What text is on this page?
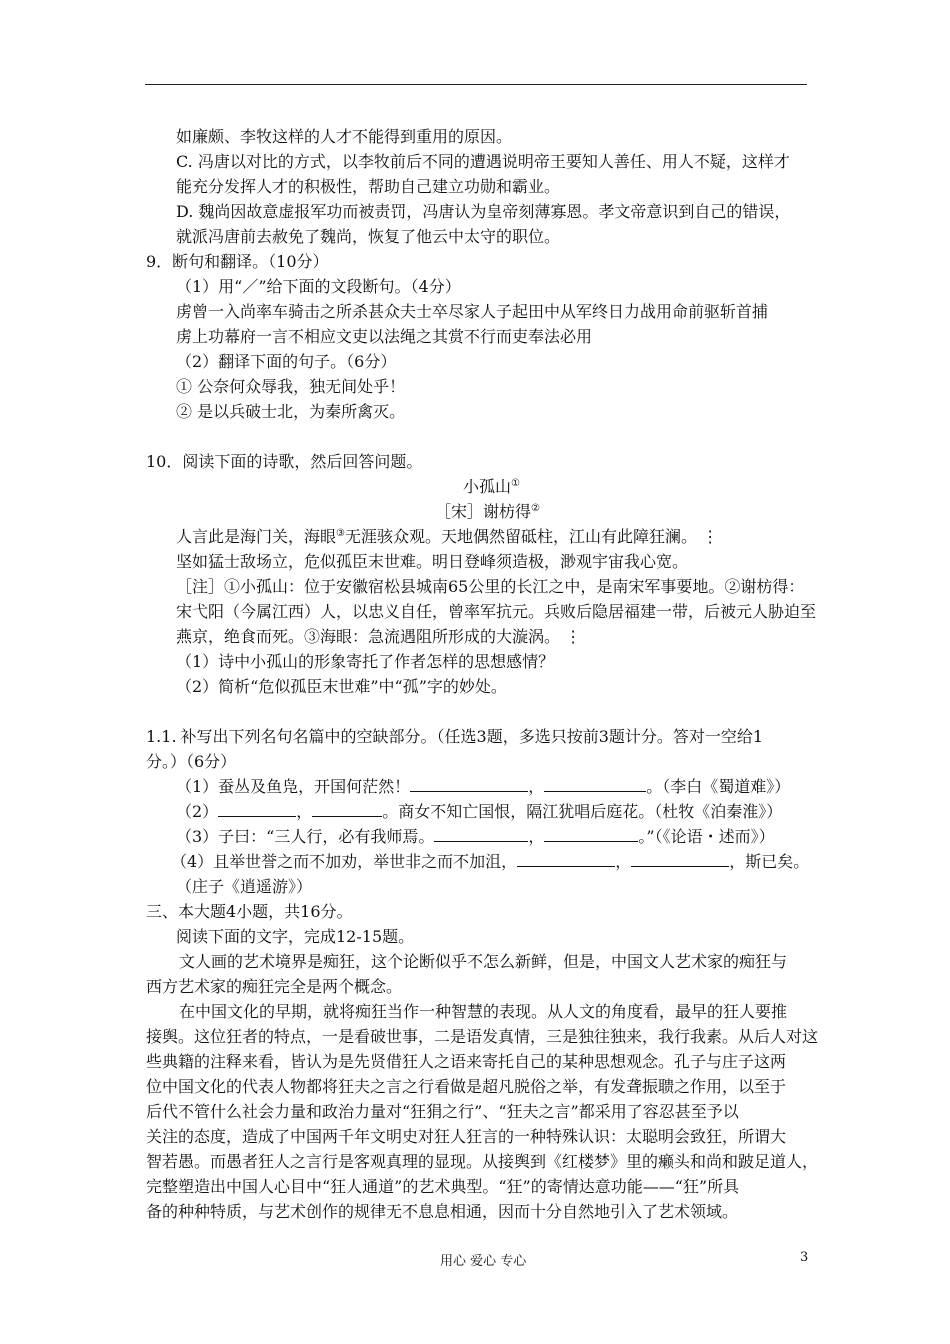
如廉颇、李牧这样的人才不能得到重用的原因。
C. 冯唐以对比的方式，以李牧前后不同的遭遇说明帝王要知人善任、用人不疑，这样才
能充分发挥人才的积极性，帮助自己建立功勋和霸业。
D. 魏尚因故意虚报军功而被责罚，冯唐认为皇帝刻薄寡恩。孝文帝意识到自己的错误，
就派冯唐前去赦免了魏尚，恢复了他云中太守的职位。
9．断句和翻译。（10分）
（1）用“／”给下面的文段断句。（4分）
虏曾一入尚率车骑击之所杀甚众夫士卒尽家人子起田中从军终日力战用命前驱斩首捕
虏上功幕府一言不相应文吏以法绳之其赏不行而吏奉法必用
（2）翻译下面的句子。（6分）
① 公奈何众辱我，独无间处乎！
② 是以兵破士北，为秦所禽灭。
10．阅读下面的诗歌，然后回答问题。
小孤山①
［宋］谢枋得②
人言此是海门关，海眼③无涯骇众观。天地偶然留砥柱，江山有此障狂澜。 ⋮
坚如猛士敌场立，危似孤臣末世难。明日登峰须造极，渺观宇宙我心宽。
［注］①小孤山：位于安徽宿松县城南65公里的长江之中，是南宋军事要地。②谢枋得：
宋弋阳（今属江西）人，以忠义自任，曾率军抗元。兵败后隐居福建一带，后被元人胁迫至
燕京，绝食而死。③海眼：急流遇阻所形成的大漩涡。 ⋮
（1）诗中小孤山的形象寄托了作者怎样的思想感情？
（2）简析“危似孤臣末世难”中“孤”字的妙处。
1.1. 补写出下列名句名篇中的空缺部分。（任选3题，多选只按前3题计分。答对一空给1
分。）（6分）
（1）蚕丛及鱼凫，开国何茫然！	，	。（李白《蜀道难》）
（2）	，	。商女不知亡国恨，隔江犹唱后庭花。（杜牧《泊秦淮》）
（3）子曰：“三人行，必有我师焉。	，	。”（《论语・述而》）
（4）且举世誉之而不加劝，举世非之而不加沮，	，	，斯已矣。
（庄子《逍遥游》）
三、本大题4小题，共16分。
阅读下面的文字，完成12-15题。
文人画的艺术境界是痴狂，这个论断似乎不怎么新鲜，但是，中国文人艺术家的痴狂与
西方艺术家的痴狂完全是两个概念。
在中国文化的早期，就将痴狂当作一种智慧的表现。从人文的角度看，最早的狂人要推
接舆。这位狂者的特点，一是看破世事，二是语发真情，三是独往独来，我行我素。从后人对这
些典籍的注释来看，皆认为是先贤借狂人之语来寄托自己的某种思想观念。孔子与庄子这两
位中国文化的代表人物都将狂夫之言之行看做是超凡脱俗之举，有发聋振聩之作用，以至于
后代不管什么社会力量和政治力量对“狂狷之行”、“狂夫之言”都采用了容忍甚至予以
关注的态度，造成了中国两千年文明史对狂人狂言的一种特殊认识：太聪明会致狂，所谓大
智若愚。而愚者狂人之言行是客观真理的显现。从接舆到《红楼梦》里的癞头和尚和跛足道人，
完整塑造出中国人心目中“狂人通道”的艺术典型。“狂”的寄情达意功能——“狂”所具
备的种种特质，与艺术创作的规律无不息息相通，因而十分自然地引入了艺术领域。
用心 爱心 专心	3
